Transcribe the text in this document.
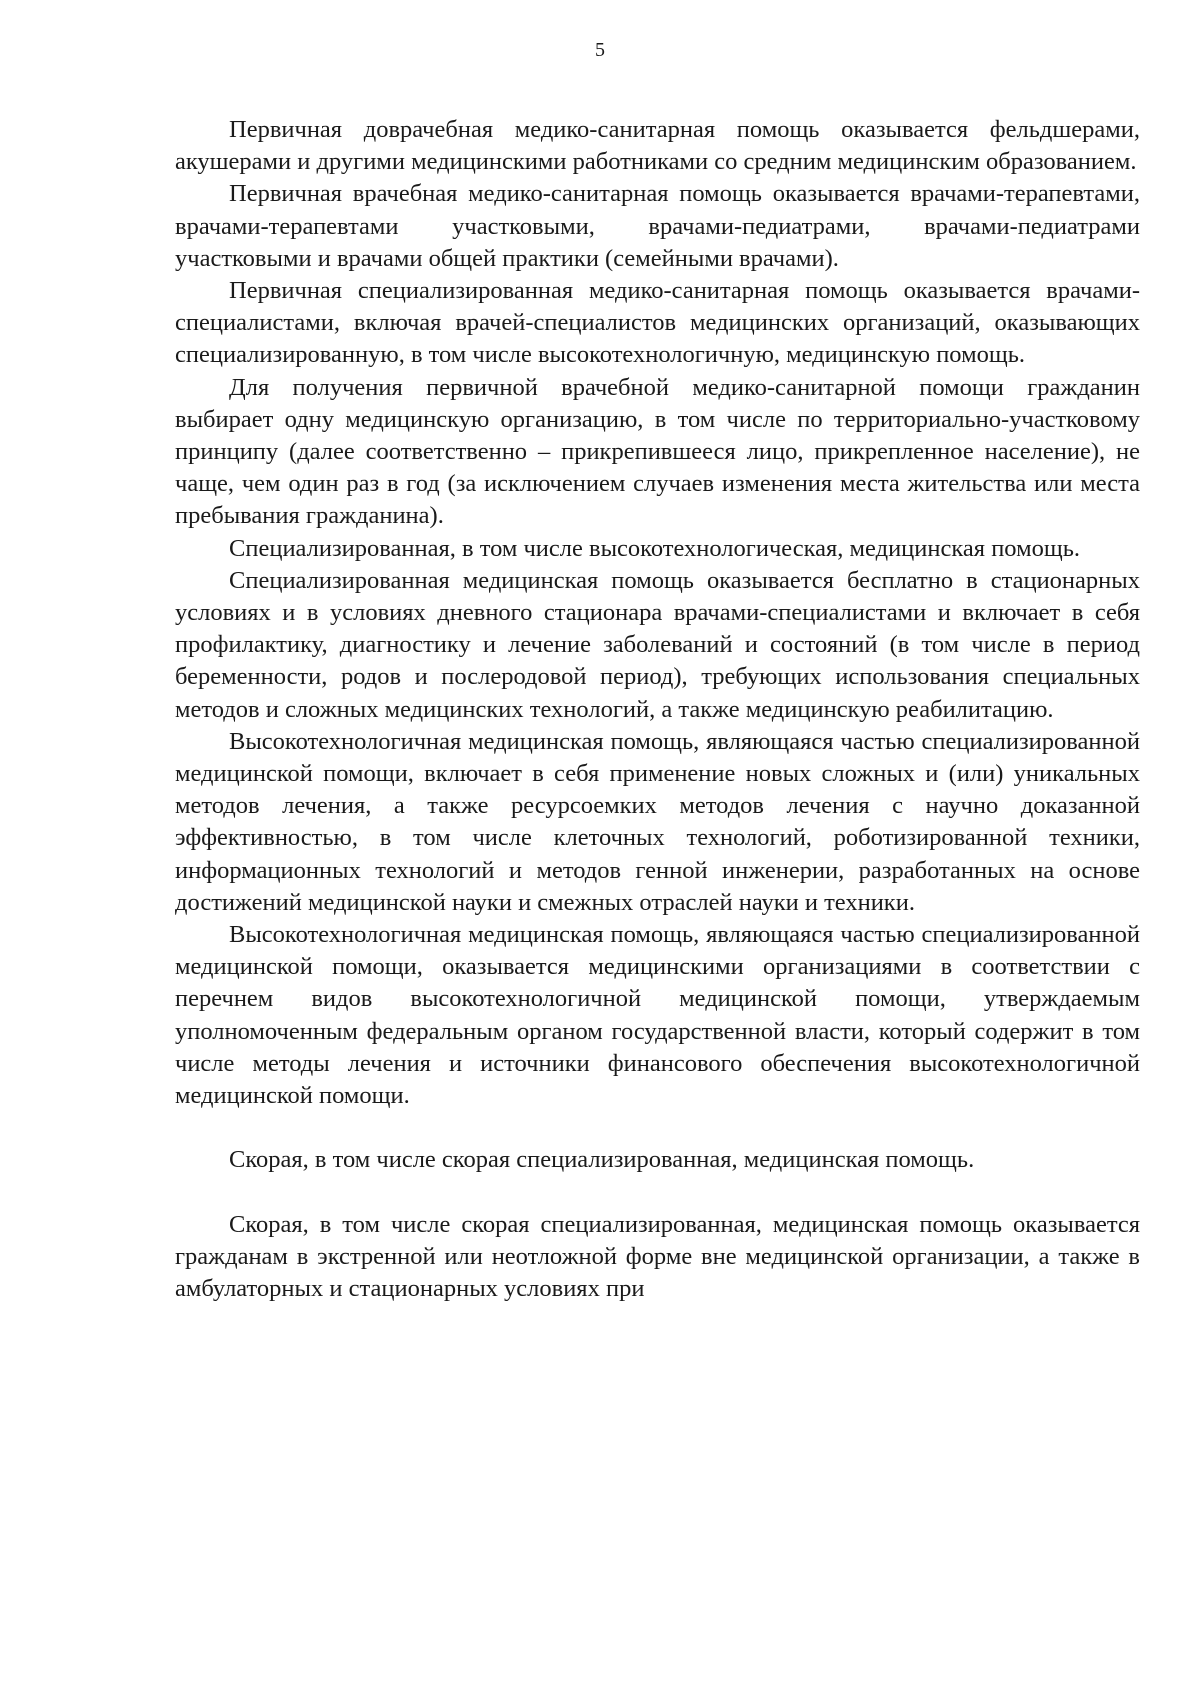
5

Первичная доврачебная медико-санитарная помощь оказывается фельдшерами, акушерами и другими медицинскими работниками со средним медицинским образованием.

Первичная врачебная медико-санитарная помощь оказывается врачами-терапевтами, врачами-терапевтами участковыми, врачами-педиатрами, врачами-педиатрами участковыми и врачами общей практики (семейными врачами).

Первичная специализированная медико-санитарная помощь оказывается врачами-специалистами, включая врачей-специалистов медицинских организаций, оказывающих специализированную, в том числе высокотехнологичную, медицинскую помощь.

Для получения первичной врачебной медико-санитарной помощи гражданин выбирает одну медицинскую организацию, в том числе по территориально-участковому принципу (далее соответственно – прикрепившееся лицо, прикрепленное население), не чаще, чем один раз в год (за исключением случаев изменения места жительства или места пребывания гражданина).

Специализированная, в том числе высокотехнологическая, медицинская помощь.

Специализированная медицинская помощь оказывается бесплатно в стационарных условиях и в условиях дневного стационара врачами-специалистами и включает в себя профилактику, диагностику и лечение заболеваний и состояний (в том числе в период беременности, родов и послеродовой период), требующих использования специальных методов и сложных медицинских технологий, а также медицинскую реабилитацию.

Высокотехнологичная медицинская помощь, являющаяся частью специализированной медицинской помощи, включает в себя применение новых сложных и (или) уникальных методов лечения, а также ресурсоемких методов лечения с научно доказанной эффективностью, в том числе клеточных технологий, роботизированной техники, информационных технологий и методов генной инженерии, разработанных на основе достижений медицинской науки и смежных отраслей науки и техники.

Высокотехнологичная медицинская помощь, являющаяся частью специализированной медицинской помощи, оказывается медицинскими организациями в соответствии с перечнем видов высокотехнологичной медицинской помощи, утверждаемым уполномоченным федеральным органом государственной власти, который содержит в том числе методы лечения и источники финансового обеспечения высокотехнологичной медицинской помощи.

Скорая, в том числе скорая специализированная, медицинская помощь.

Скорая, в том числе скорая специализированная, медицинская помощь оказывается гражданам в экстренной или неотложной форме вне медицинской организации, а также в амбулаторных и стационарных условиях при
